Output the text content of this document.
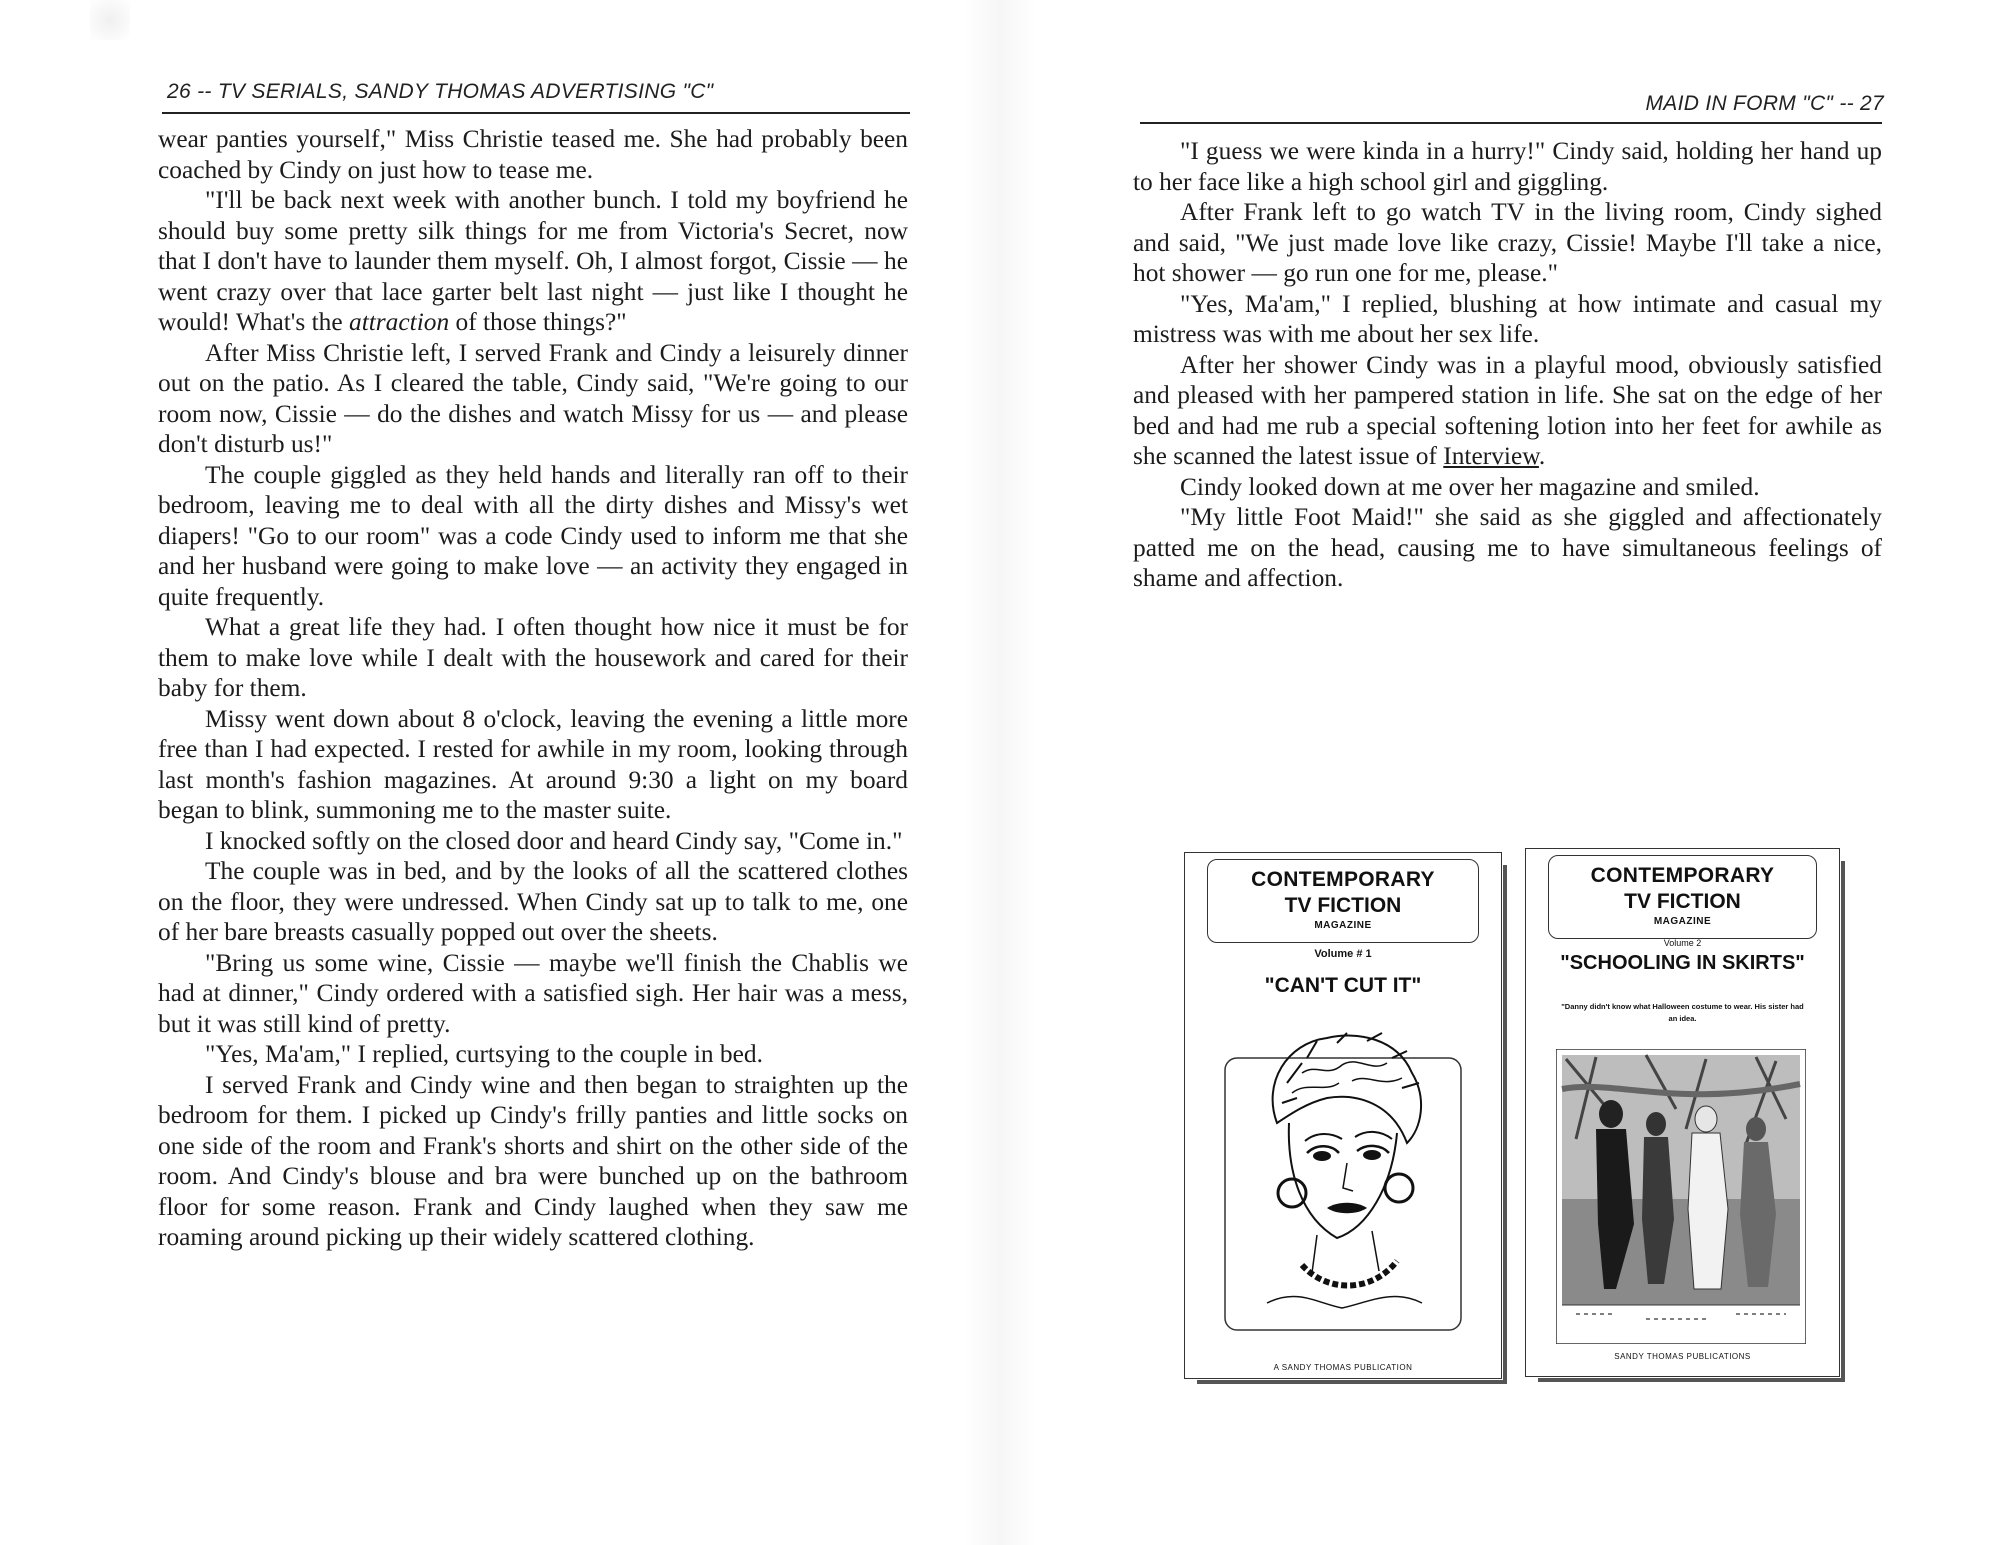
26 -- TV SERIALS, SANDY THOMAS ADVERTISING "C"

wear panties yourself," Miss Christie teased me. She had probably been coached by Cindy on just how to tease me.

"I'll be back next week with another bunch. I told my boyfriend he should buy some pretty silk things for me from Victoria's Secret, now that I don't have to launder them myself. Oh, I almost forgot, Cissie — he went crazy over that lace garter belt last night — just like I thought he would! What's the attraction of those things?"

After Miss Christie left, I served Frank and Cindy a leisurely dinner out on the patio. As I cleared the table, Cindy said, "We're going to our room now, Cissie — do the dishes and watch Missy for us — and please don't disturb us!"

The couple giggled as they held hands and literally ran off to their bedroom, leaving me to deal with all the dirty dishes and Missy's wet diapers! "Go to our room" was a code Cindy used to inform me that she and her husband were going to make love — an activity they engaged in quite frequently.

What a great life they had. I often thought how nice it must be for them to make love while I dealt with the housework and cared for their baby for them.

Missy went down about 8 o'clock, leaving the evening a little more free than I had expected. I rested for awhile in my room, looking through last month's fashion magazines. At around 9:30 a light on my board began to blink, summoning me to the master suite.

I knocked softly on the closed door and heard Cindy say, "Come in."

The couple was in bed, and by the looks of all the scattered clothes on the floor, they were undressed. When Cindy sat up to talk to me, one of her bare breasts casually popped out over the sheets.

"Bring us some wine, Cissie — maybe we'll finish the Chablis we had at dinner," Cindy ordered with a satisfied sigh. Her hair was a mess, but it was still kind of pretty.

"Yes, Ma'am," I replied, curtsying to the couple in bed.

I served Frank and Cindy wine and then began to straighten up the bedroom for them. I picked up Cindy's frilly panties and little socks on one side of the room and Frank's shorts and shirt on the other side of the room. And Cindy's blouse and bra were bunched up on the bathroom floor for some reason. Frank and Cindy laughed when they saw me roaming around picking up their widely scattered clothing.

MAID IN FORM "C" -- 27

"I guess we were kinda in a hurry!" Cindy said, holding her hand up to her face like a high school girl and giggling.

After Frank left to go watch TV in the living room, Cindy sighed and said, "We just made love like crazy, Cissie! Maybe I'll take a nice, hot shower — go run one for me, please."

"Yes, Ma'am," I replied, blushing at how intimate and casual my mistress was with me about her sex life.

After her shower Cindy was in a playful mood, obviously satisfied and pleased with her pampered station in life. She sat on the edge of her bed and had me rub a special softening lotion into her feet for awhile as she scanned the latest issue of Interview.

Cindy looked down at me over her magazine and smiled.

"My little Foot Maid!" she said as she giggled and affectionately patted me on the head, causing me to have simultaneous feelings of shame and affection.

CONTEMPORARY
TV FICTION
MAGAZINE
Volume # 1
"CAN'T CUT IT"
A SANDY THOMAS PUBLICATION
CONTEMPORARY
TV FICTION
MAGAZINE
Volume 2
"SCHOOLING IN SKIRTS"
"Danny didn't know what Halloween costume to wear. His sister had an idea.
SANDY THOMAS PUBLICATIONS
